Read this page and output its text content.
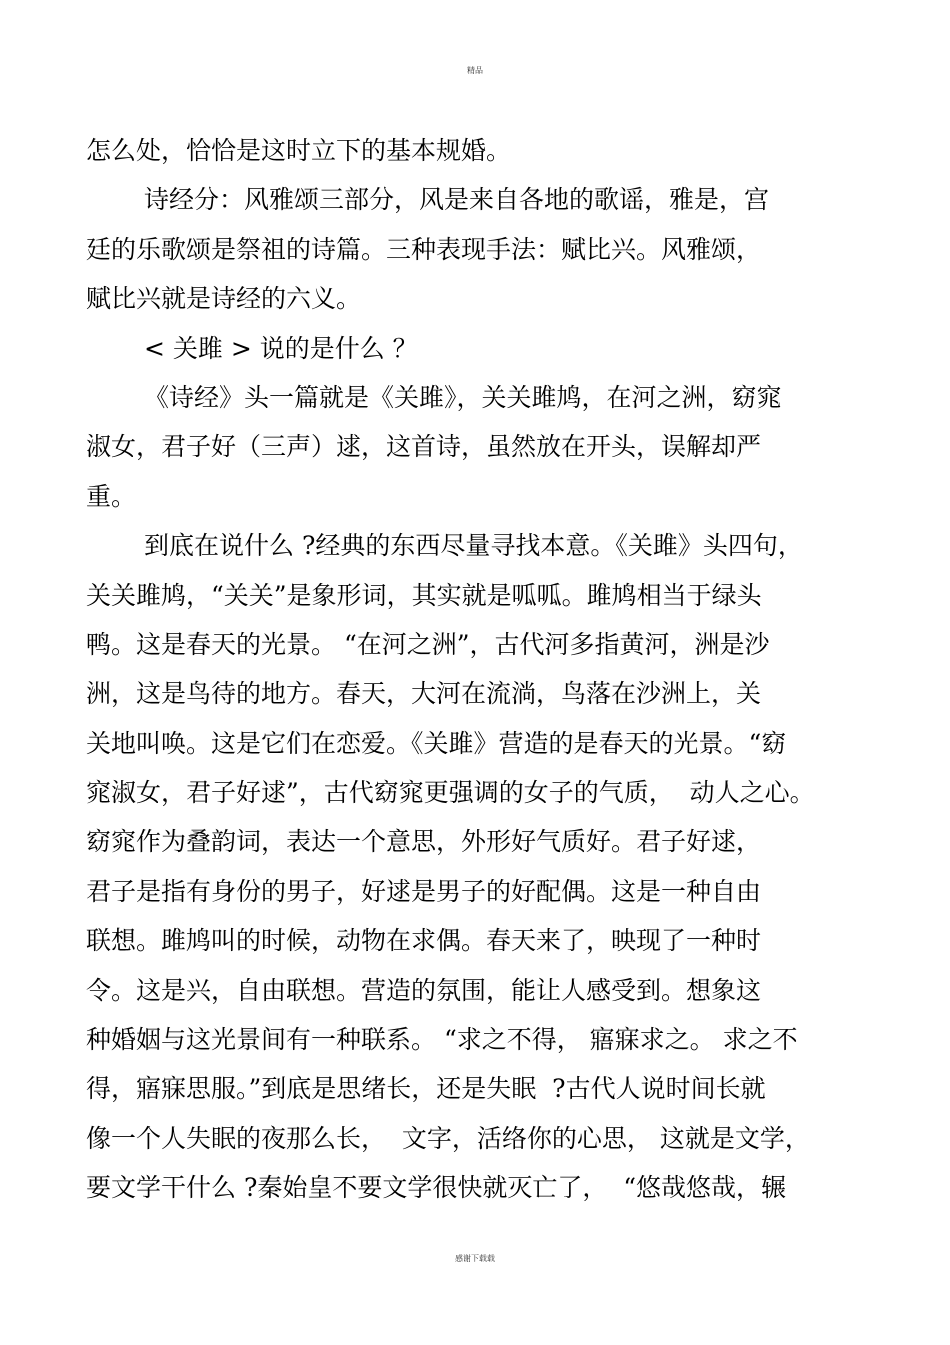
精品
怎么处，恰恰是这时立下的基本规婚。
诗经分：风雅颂三部分，风是来自各地的歌谣，雅是，宫
廷的乐歌颂是祭祖的诗篇。三种表现手法：赋比兴。风雅颂，
赋比兴就是诗经的六义。
< 关雎 > 说的是什么 ？
《诗经》头一篇就是《关雎》，关关雎鸠，在河之洲，窈窕
淑女，君子好（三声）逑，这首诗，虽然放在开头，误解却严
重。
到底在说什么 ?经典的东西尽量寻找本意。《关雎》头四句，
关关雎鸠，“关关”是象形词，其实就是呱呱。雎鸠相当于绿头
鸭。这是春天的光景。 “在河之洲”，古代河多指黄河，洲是沙
洲，这是鸟待的地方。春天，大河在流淌，鸟落在沙洲上，关
关地叫唤。这是它们在恋爱。《关雎》营造的是春天的光景。“窈
窕淑女，君子好逑”，古代窈窕更强调的女子的气质，  动人之心。
窈窕作为叠韵词，表达一个意思，外形好气质好。君子好逑，
君子是指有身份的男子，好逑是男子的好配偶。这是一种自由
联想。雎鸠叫的时候，动物在求偶。春天来了，映现了一种时
令。这是兴，自由联想。营造的氛围，能让人感受到。想象这
种婚姻与这光景间有一种联系。 “求之不得， 寤寐求之。 求之不
得，寤寐思服。”到底是思绪长，还是失眠  ?古代人说时间长就
像一个人失眠的夜那么长，  文字，活络你的心思， 这就是文学，
要文学干什么 ?秦始皇不要文学很快就灭亡了，  “悠哉悠哉，辗
感谢下载载
